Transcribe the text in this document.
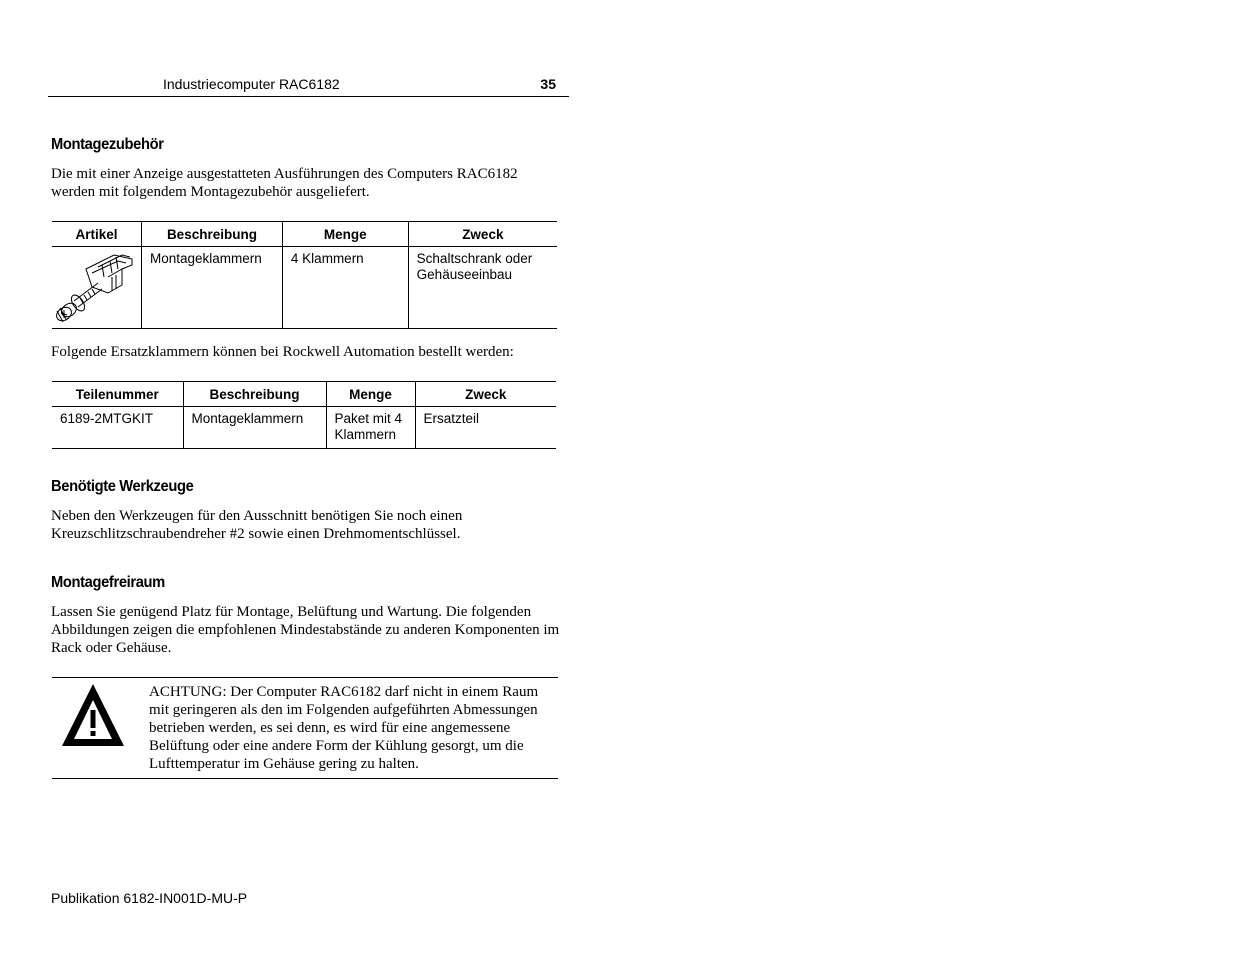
Industriecomputer RAC6182	35
Montagezubehör

Die mit einer Anzeige ausgestatteten Ausführungen des Computers RAC6182 werden mit folgendem Montagezubehör ausgeliefert.

Artikel	Beschreibung	Menge	Zweck
	Montageklammern	4 Klammern	Schaltschrank oder Gehäuseeinbau

Folgende Ersatzklammern können bei Rockwell Automation bestellt werden:

Teilenummer	Beschreibung	Menge	Zweck
6189-2MTGKIT	Montageklammern	Paket mit 4 Klammern	Ersatzteil
Benötigte Werkzeuge

Neben den Werkzeugen für den Ausschnitt benötigen Sie noch einen Kreuzschlitzschraubendreher #2 sowie einen Drehmomentschlüssel.

Montagefreiraum

Lassen Sie genügend Platz für Montage, Belüftung und Wartung. Die folgenden Abbildungen zeigen die empfohlenen Mindestabstände zu anderen Komponenten im Rack oder Gehäuse.

ACHTUNG: Der Computer RAC6182 darf nicht in einem Raum mit geringeren als den im Folgenden aufgeführten Abmessungen betrieben werden, es sei denn, es wird für eine angemessene Belüftung oder eine andere Form der Kühlung gesorgt, um die Lufttemperatur im Gehäuse gering zu halten.

Publikation 6182-IN001D-MU-P
